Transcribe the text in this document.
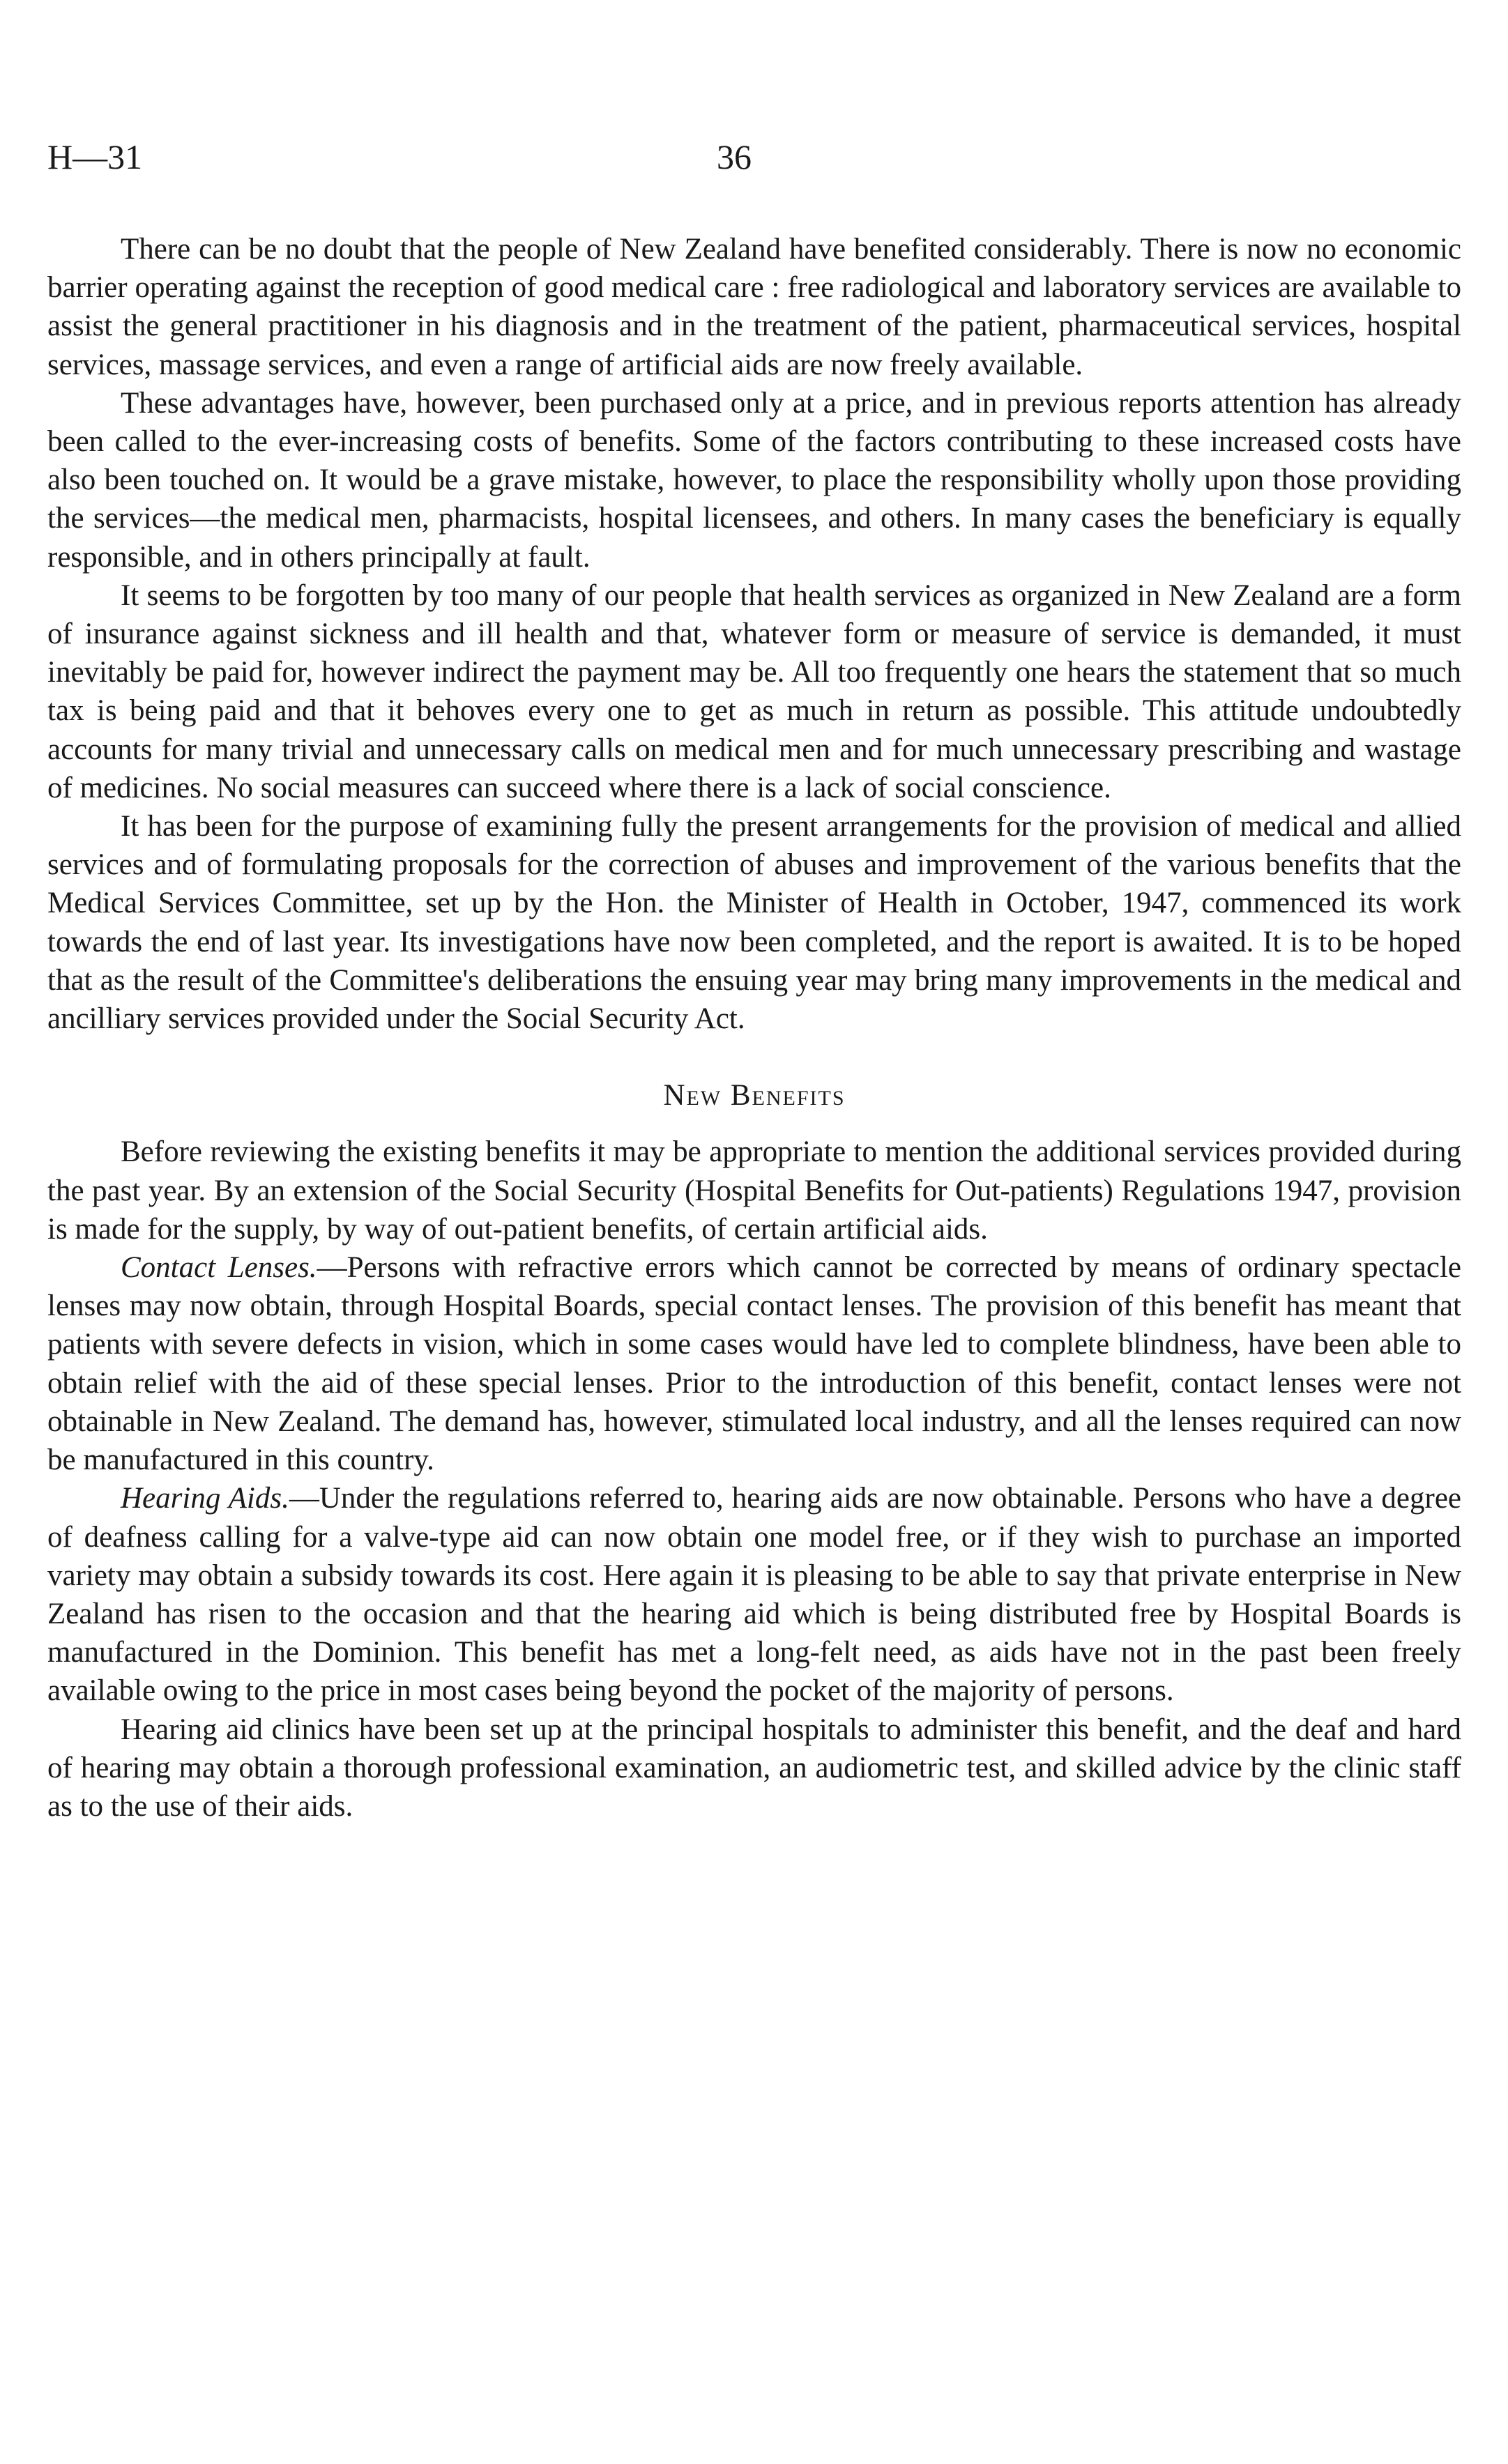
H—31	36

There can be no doubt that the people of New Zealand have benefited considerably. There is now no economic barrier operating against the reception of good medical care : free radiological and laboratory services are available to assist the general practitioner in his diagnosis and in the treatment of the patient, pharmaceutical services, hospital services, massage services, and even a range of artificial aids are now freely available.

These advantages have, however, been purchased only at a price, and in previous reports attention has already been called to the ever-increasing costs of benefits. Some of the factors contributing to these increased costs have also been touched on. It would be a grave mistake, however, to place the responsibility wholly upon those providing the services—the medical men, pharmacists, hospital licensees, and others. In many cases the beneficiary is equally responsible, and in others principally at fault.

It seems to be forgotten by too many of our people that health services as organized in New Zealand are a form of insurance against sickness and ill health and that, whatever form or measure of service is demanded, it must inevitably be paid for, however indirect the payment may be. All too frequently one hears the statement that so much tax is being paid and that it behoves every one to get as much in return as possible. This attitude undoubtedly accounts for many trivial and unnecessary calls on medical men and for much unnecessary prescribing and wastage of medicines. No social measures can succeed where there is a lack of social conscience.

It has been for the purpose of examining fully the present arrangements for the provision of medical and allied services and of formulating proposals for the correction of abuses and improvement of the various benefits that the Medical Services Committee, set up by the Hon. the Minister of Health in October, 1947, commenced its work towards the end of last year. Its investigations have now been completed, and the report is awaited. It is to be hoped that as the result of the Committee's deliberations the ensuing year may bring many improvements in the medical and ancilliary services provided under the Social Security Act.

New Benefits

Before reviewing the existing benefits it may be appropriate to mention the additional services provided during the past year. By an extension of the Social Security (Hospital Benefits for Out-patients) Regulations 1947, provision is made for the supply, by way of out-patient benefits, of certain artificial aids.

Contact Lenses.—Persons with refractive errors which cannot be corrected by means of ordinary spectacle lenses may now obtain, through Hospital Boards, special contact lenses. The provision of this benefit has meant that patients with severe defects in vision, which in some cases would have led to complete blindness, have been able to obtain relief with the aid of these special lenses. Prior to the introduction of this benefit, contact lenses were not obtainable in New Zealand. The demand has, however, stimulated local industry, and all the lenses required can now be manufactured in this country.

Hearing Aids.—Under the regulations referred to, hearing aids are now obtainable. Persons who have a degree of deafness calling for a valve-type aid can now obtain one model free, or if they wish to purchase an imported variety may obtain a subsidy towards its cost. Here again it is pleasing to be able to say that private enterprise in New Zealand has risen to the occasion and that the hearing aid which is being distributed free by Hospital Boards is manufactured in the Dominion. This benefit has met a long-felt need, as aids have not in the past been freely available owing to the price in most cases being beyond the pocket of the majority of persons.

Hearing aid clinics have been set up at the principal hospitals to administer this benefit, and the deaf and hard of hearing may obtain a thorough professional examination, an audiometric test, and skilled advice by the clinic staff as to the use of their aids.
